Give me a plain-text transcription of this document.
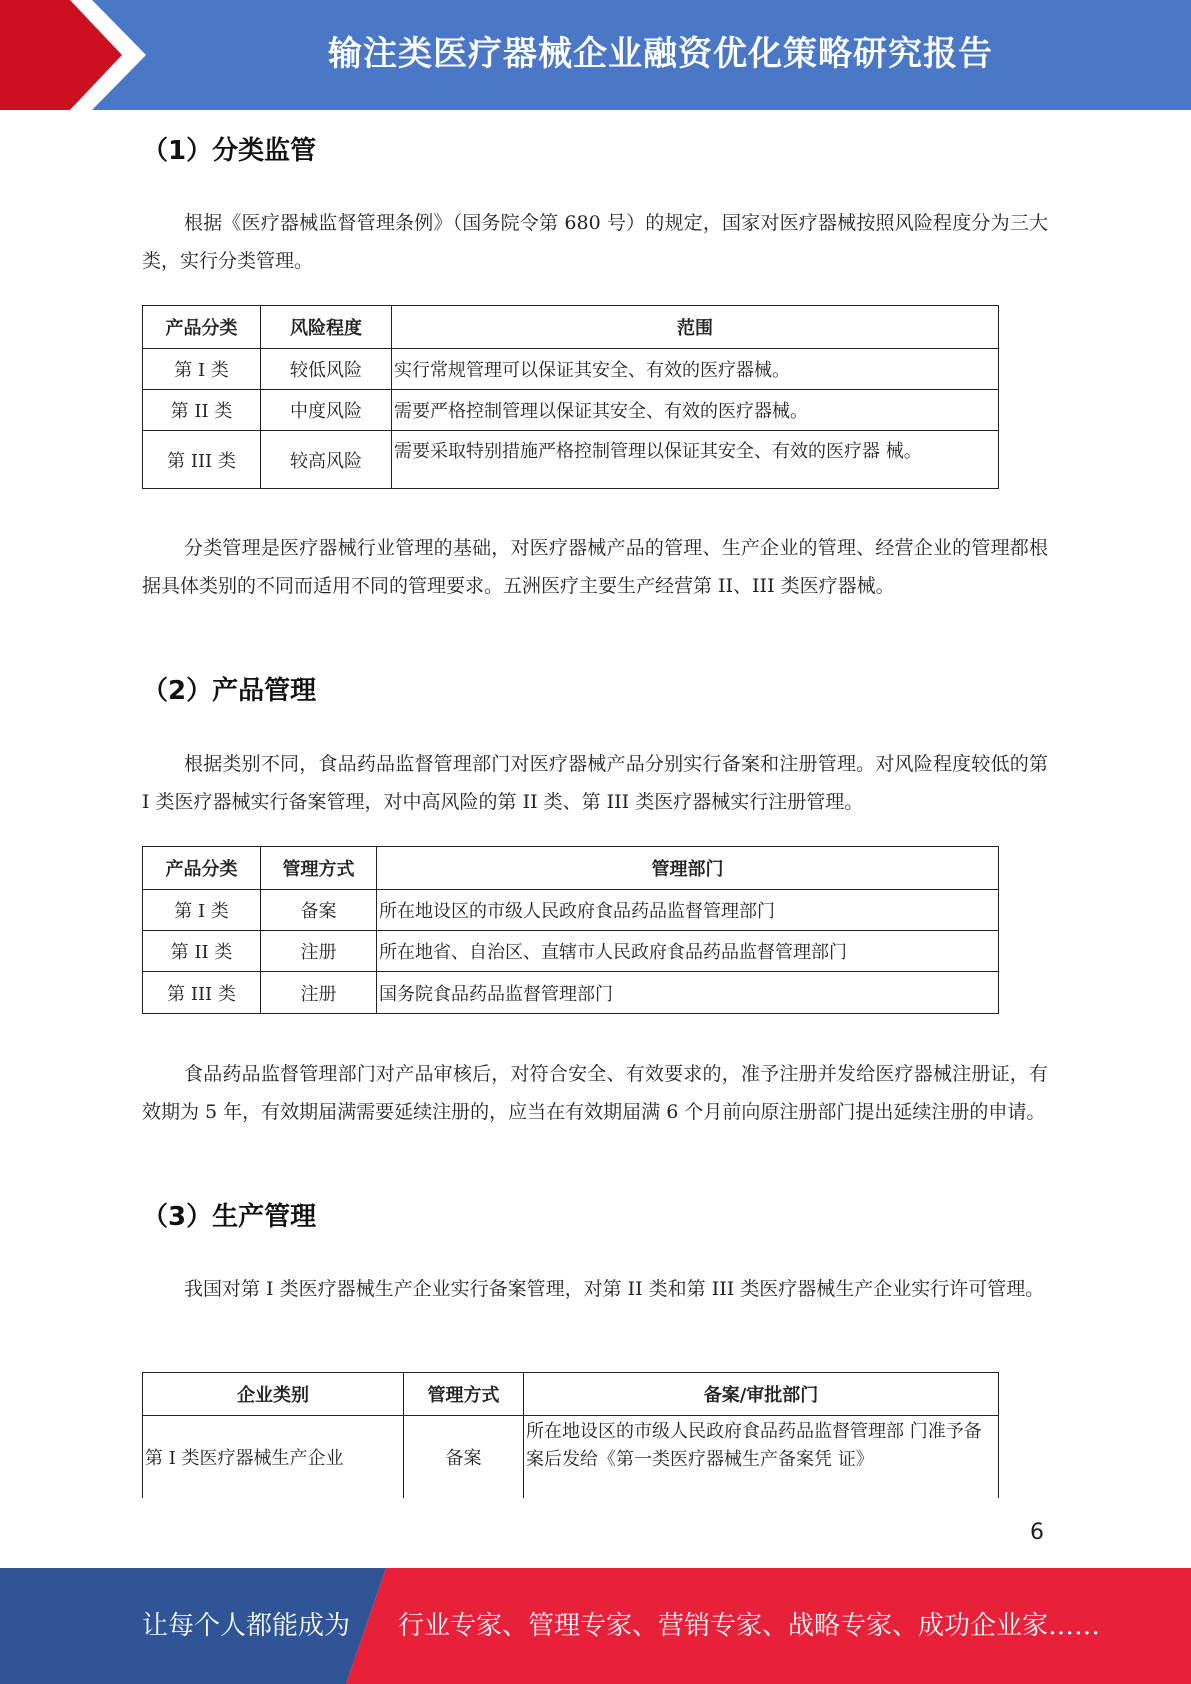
输注类医疗器械企业融资优化策略研究报告
（1）分类监管
根据《医疗器械监督管理条例》（国务院令第 680 号）的规定，国家对医疗器械按照风险程度分为三大类，实行分类管理。
产品分类	风险程度	范围
第 I 类	较低风险	实行常规管理可以保证其安全、有效的医疗器械。
第 II 类	中度风险	需要严格控制管理以保证其安全、有效的医疗器械。
第 III 类	较高风险	需要采取特别措施严格控制管理以保证其安全、有效的医疗器 械。
分类管理是医疗器械行业管理的基础，对医疗器械产品的管理、生产企业的管理、经营企业的管理都根据具体类别的不同而适用不同的管理要求。五洲医疗主要生产经营第 II、III 类医疗器械。
（2）产品管理
根据类别不同，食品药品监督管理部门对医疗器械产品分别实行备案和注册管理。对风险程度较低的第 I 类医疗器械实行备案管理，对中高风险的第 II 类、第 III 类医疗器械实行注册管理。
产品分类	管理方式	管理部门
第 I 类	备案	所在地设区的市级人民政府食品药品监督管理部门
第 II 类	注册	所在地省、自治区、直辖市人民政府食品药品监督管理部门
第 III 类	注册	国务院食品药品监督管理部门
食品药品监督管理部门对产品审核后，对符合安全、有效要求的，准予注册并发给医疗器械注册证，有效期为 5 年，有效期届满需要延续注册的，应当在有效期届满 6 个月前向原注册部门提出延续注册的申请。
（3）生产管理
我国对第 I 类医疗器械生产企业实行备案管理，对第 II 类和第 III 类医疗器械生产企业实行许可管理。
企业类别	管理方式	备案/审批部门
第 I 类医疗器械生产企业	备案	所在地设区的市级人民政府食品药品监督管理部 门准予备案后发给《第一类医疗器械生产备案凭 证》
6
让每个人都能成为 行业专家、管理专家、营销专家、战略专家、成功企业家……
